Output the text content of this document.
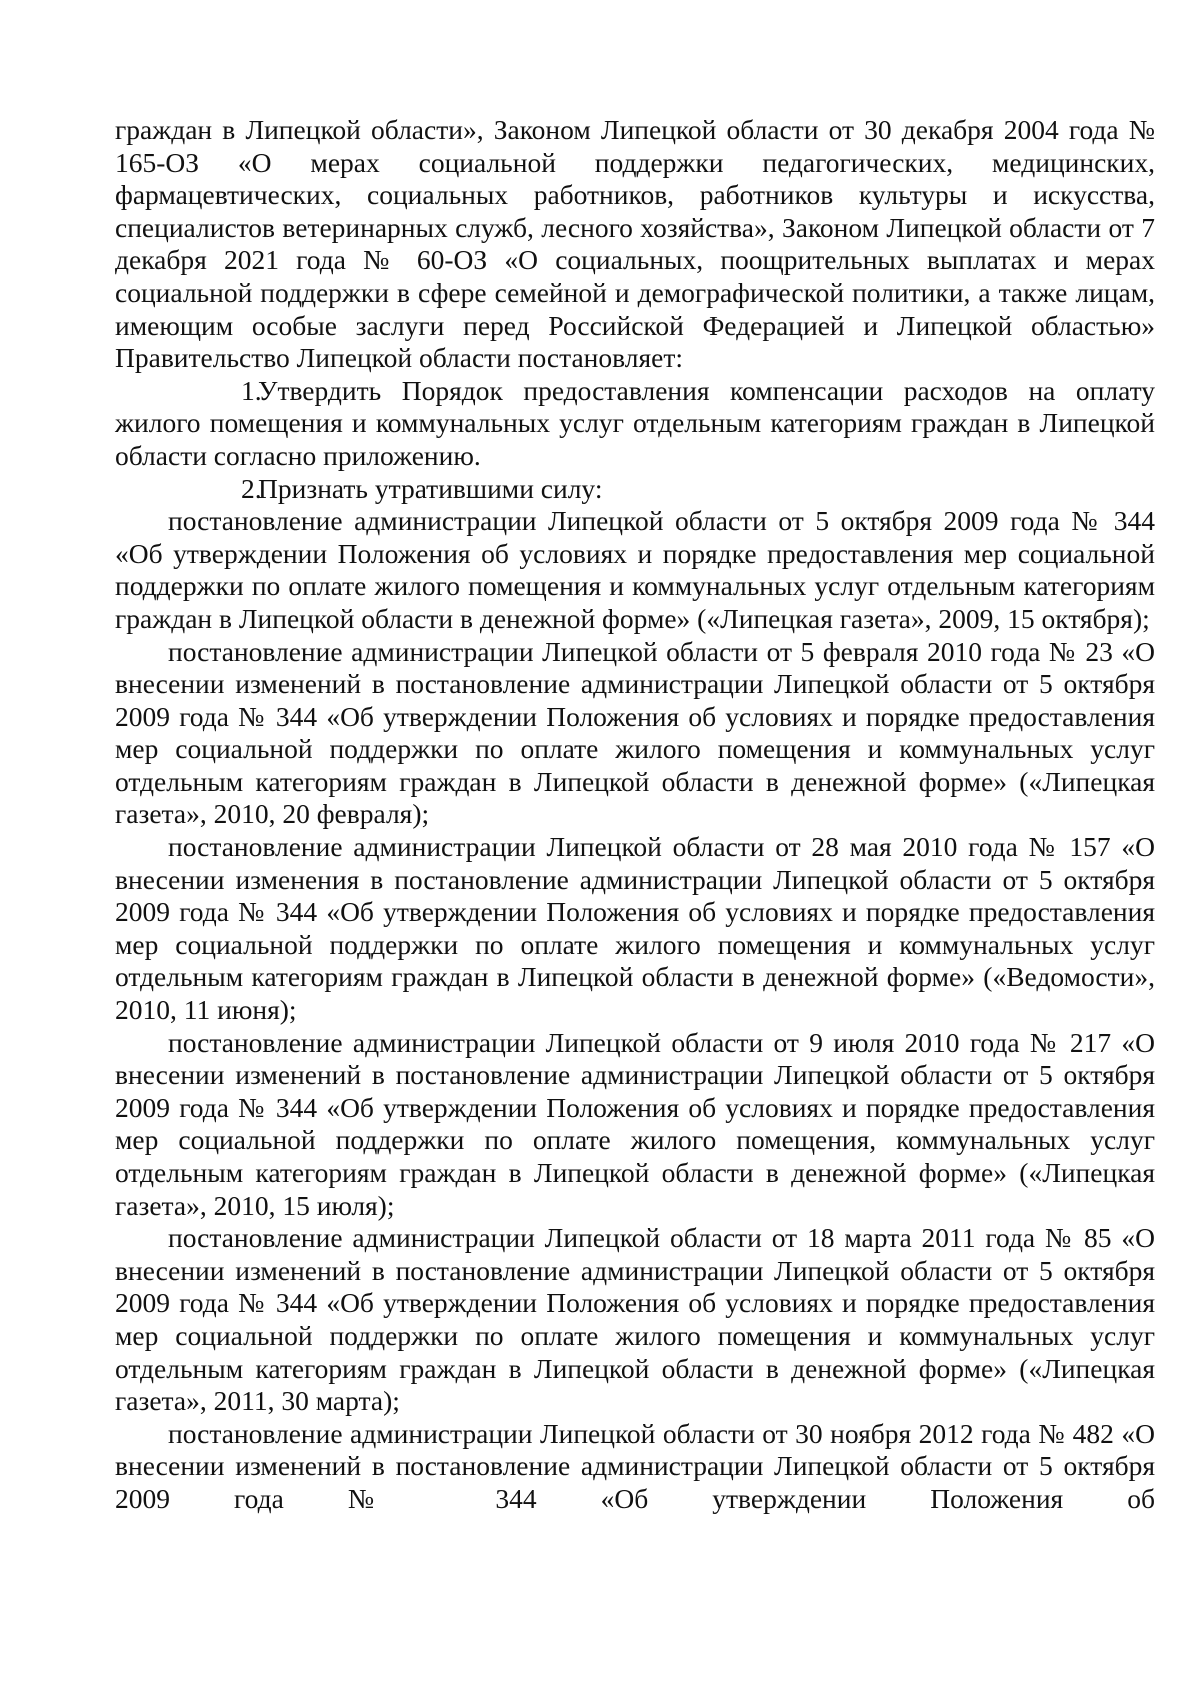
граждан в Липецкой области», Законом Липецкой области от 30 декабря 2004 года № 165-ОЗ «О мерах социальной поддержки педагогических, медицинских, фармацевтических, социальных работников, работников культуры и искусства, специалистов ветеринарных служб, лесного хозяйства», Законом Липецкой области от 7 декабря 2021 года № 60-ОЗ «О социальных, поощрительных выплатах и мерах социальной поддержки в сфере семейной и демографической политики, а также лицам, имеющим особые заслуги перед Российской Федерацией и Липецкой областью» Правительство Липецкой области постановляет:

1.Утвердить Порядок предоставления компенсации расходов на оплату жилого помещения и коммунальных услуг отдельным категориям граждан в Липецкой области согласно приложению.

2.Признать утратившими силу:

постановление администрации Липецкой области от 5 октября 2009 года № 344 «Об утверждении Положения об условиях и порядке предоставления мер социальной поддержки по оплате жилого помещения и коммунальных услуг отдельным категориям граждан в Липецкой области в денежной форме» («Липецкая газета», 2009, 15 октября);

постановление администрации Липецкой области от 5 февраля 2010 года № 23 «О внесении изменений в постановление администрации Липецкой области от 5 октября 2009 года № 344 «Об утверждении Положения об условиях и порядке предоставления мер социальной поддержки по оплате жилого помещения и коммунальных услуг отдельным категориям граждан в Липецкой области в денежной форме» («Липецкая газета», 2010, 20 февраля);

постановление администрации Липецкой области от 28 мая 2010 года № 157 «О внесении изменения в постановление администрации Липецкой области от 5 октября 2009 года № 344 «Об утверждении Положения об условиях и порядке предоставления мер социальной поддержки по оплате жилого помещения и коммунальных услуг отдельным категориям граждан в Липецкой области в денежной форме» («Ведомости», 2010, 11 июня);

постановление администрации Липецкой области от 9 июля 2010 года № 217 «О внесении изменений в постановление администрации Липецкой области от 5 октября 2009 года № 344 «Об утверждении Положения об условиях и порядке предоставления мер социальной поддержки по оплате жилого помещения, коммунальных услуг отдельным категориям граждан в Липецкой области в денежной форме» («Липецкая газета», 2010, 15 июля);

постановление администрации Липецкой области от 18 марта 2011 года № 85 «О внесении изменений в постановление администрации Липецкой области от 5 октября 2009 года № 344 «Об утверждении Положения об условиях и порядке предоставления мер социальной поддержки по оплате жилого помещения и коммунальных услуг отдельным категориям граждан в Липецкой области в денежной форме» («Липецкая газета», 2011, 30 марта);

постановление администрации Липецкой области от 30 ноября 2012 года № 482 «О внесении изменений в постановление администрации Липецкой области от 5 октября 2009 года № 344 «Об утверждении Положения об
